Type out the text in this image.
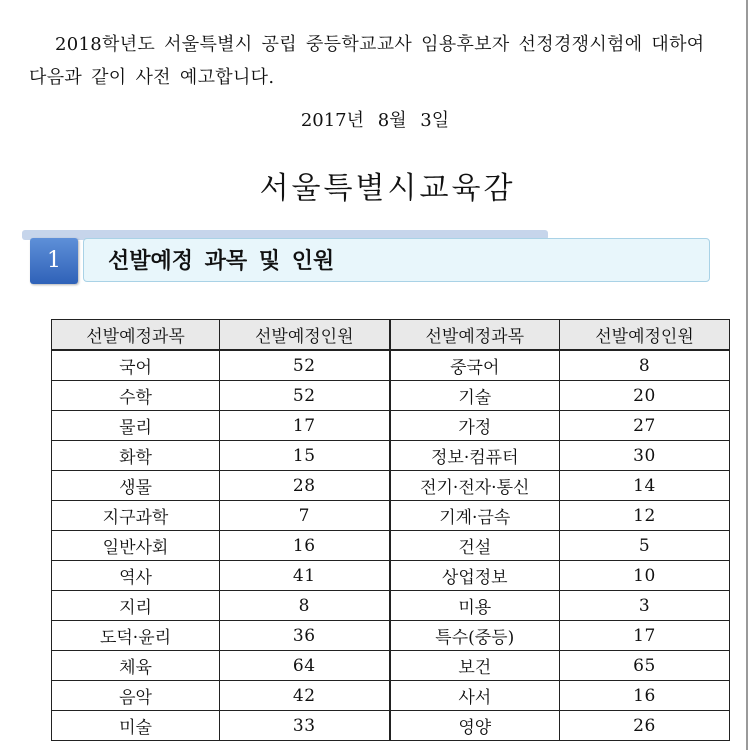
2018학년도 서울특별시 공립 중등학교교사 임용후보자 선정경쟁시험에 대하여
다음과 같이 사전 예고합니다.
2017년 8월 3일
서울특별시교육감
1	선발예정 과목 및 인원
선발예정과목	선발예정인원	선발예정과목	선발예정인원
국어	52	중국어	8
수학	52	기술	20
물리	17	가정	27
화학	15	정보·컴퓨터	30
생물	28	전기·전자·통신	14
지구과학	7	기계·금속	12
일반사회	16	건설	5
역사	41	상업정보	10
지리	8	미용	3
도덕·윤리	36	특수(중등)	17
체육	64	보건	65
음악	42	사서	16
미술	33	영양	26
